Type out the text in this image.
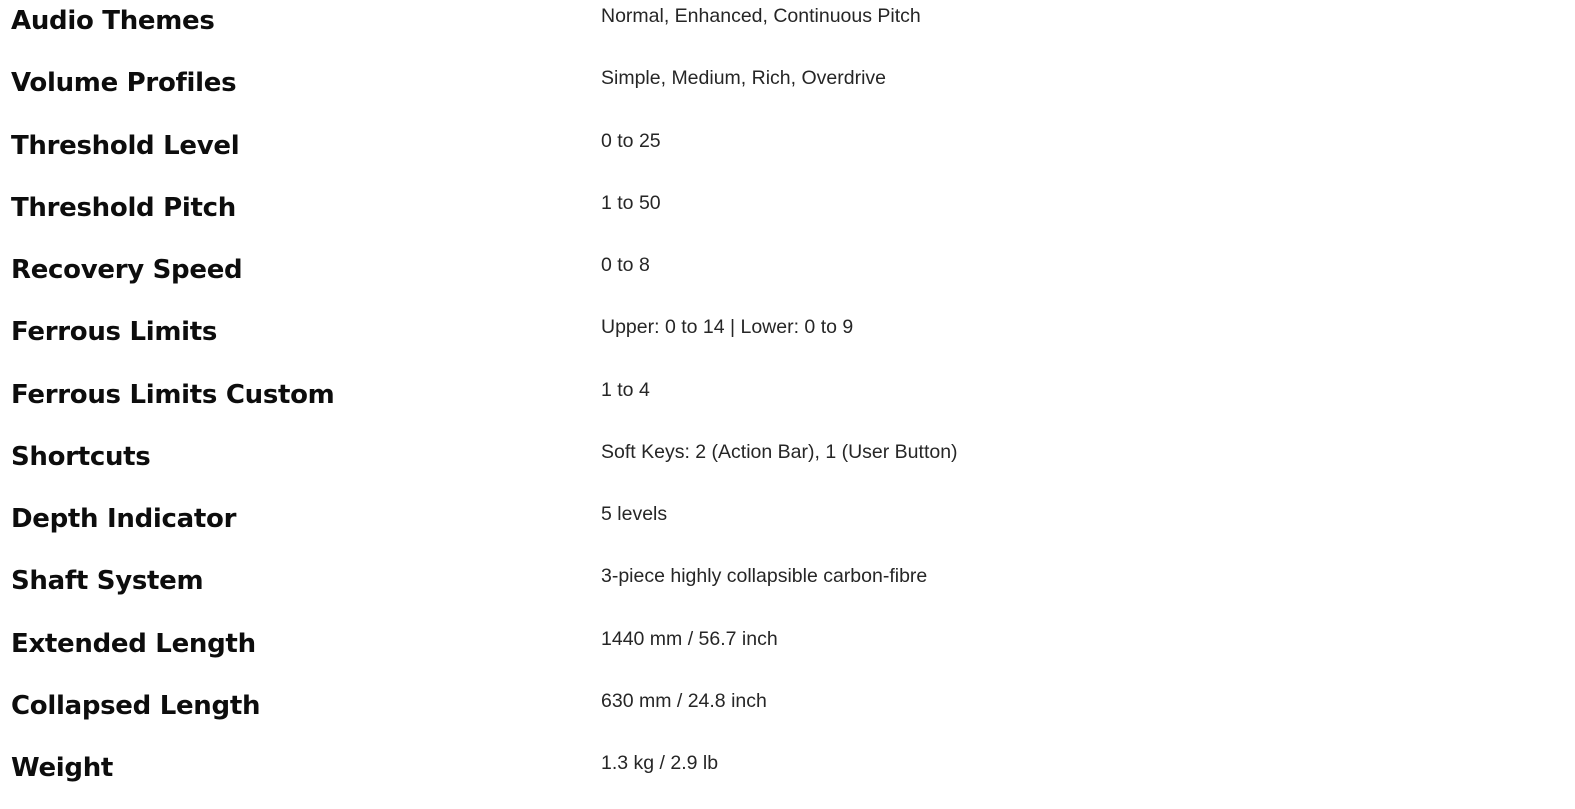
Audio Themes	Normal, Enhanced, Continuous Pitch
Volume Profiles	Simple, Medium, Rich, Overdrive
Threshold Level	0 to 25
Threshold Pitch	1 to 50
Recovery Speed	0 to 8
Ferrous Limits	Upper: 0 to 14 | Lower: 0 to 9
Ferrous Limits Custom	1 to 4
Shortcuts	Soft Keys: 2 (Action Bar), 1 (User Button)
Depth Indicator	5 levels
Shaft System	3-piece highly collapsible carbon-fibre
Extended Length	1440 mm / 56.7 inch
Collapsed Length	630 mm / 24.8 inch
Weight	1.3 kg / 2.9 lb
